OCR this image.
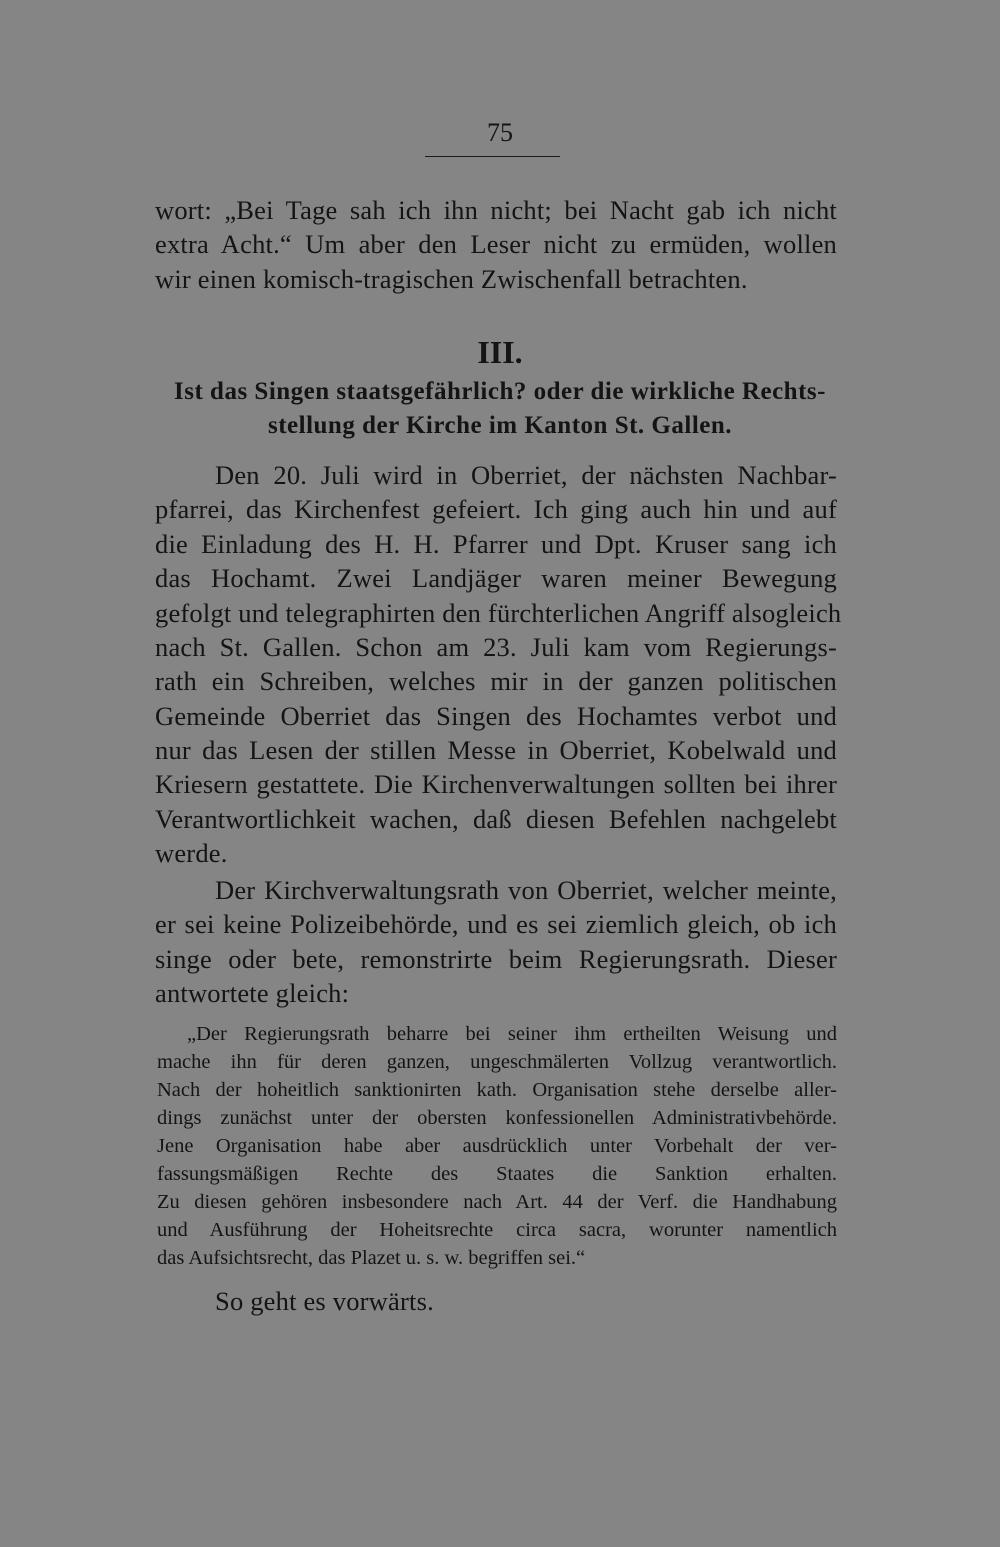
75
wort: „Bei Tage sah ich ihn nicht; bei Nacht gab ich nicht
extra Acht.“ Um aber den Leser nicht zu ermüden, wollen
wir einen komisch-tragischen Zwischenfall betrachten.
III.
Ist das Singen staatsgefährlich? oder die wirkliche Rechts-
stellung der Kirche im Kanton St. Gallen.
Den 20. Juli wird in Oberriet, der nächsten Nachbar-
pfarrei, das Kirchenfest gefeiert. Ich ging auch hin und auf
die Einladung des H. H. Pfarrer und Dpt. Kruser sang ich
das Hochamt. Zwei Landjäger waren meiner Bewegung
gefolgt und telegraphirten den fürchterlichen Angriff alsogleich
nach St. Gallen. Schon am 23. Juli kam vom Regierungs-
rath ein Schreiben, welches mir in der ganzen politischen
Gemeinde Oberriet das Singen des Hochamtes verbot und
nur das Lesen der stillen Messe in Oberriet, Kobelwald und
Kriesern gestattete. Die Kirchenverwaltungen sollten bei ihrer
Verantwortlichkeit wachen, daß diesen Befehlen nachgelebt
werde.
Der Kirchverwaltungsrath von Oberriet, welcher meinte,
er sei keine Polizeibehörde, und es sei ziemlich gleich, ob ich
singe oder bete, remonstrirte beim Regierungsrath. Dieser
antwortete gleich:
„Der Regierungsrath beharre bei seiner ihm ertheilten Weisung und
mache ihn für deren ganzen, ungeschmälerten Vollzug verantwortlich.
Nach der hoheitlich sanktionirten kath. Organisation stehe derselbe aller-
dings zunächst unter der obersten konfessionellen Administrativbehörde.
Jene Organisation habe aber ausdrücklich unter Vorbehalt der ver-
fassungsmäßigen Rechte des Staates die Sanktion erhalten.
Zu diesen gehören insbesondere nach Art. 44 der Verf. die Handhabung
und Ausführung der Hoheitsrechte circa sacra, worunter namentlich
das Aufsichtsrecht, das Plazet u. s. w. begriffen sei.“
So geht es vorwärts.
